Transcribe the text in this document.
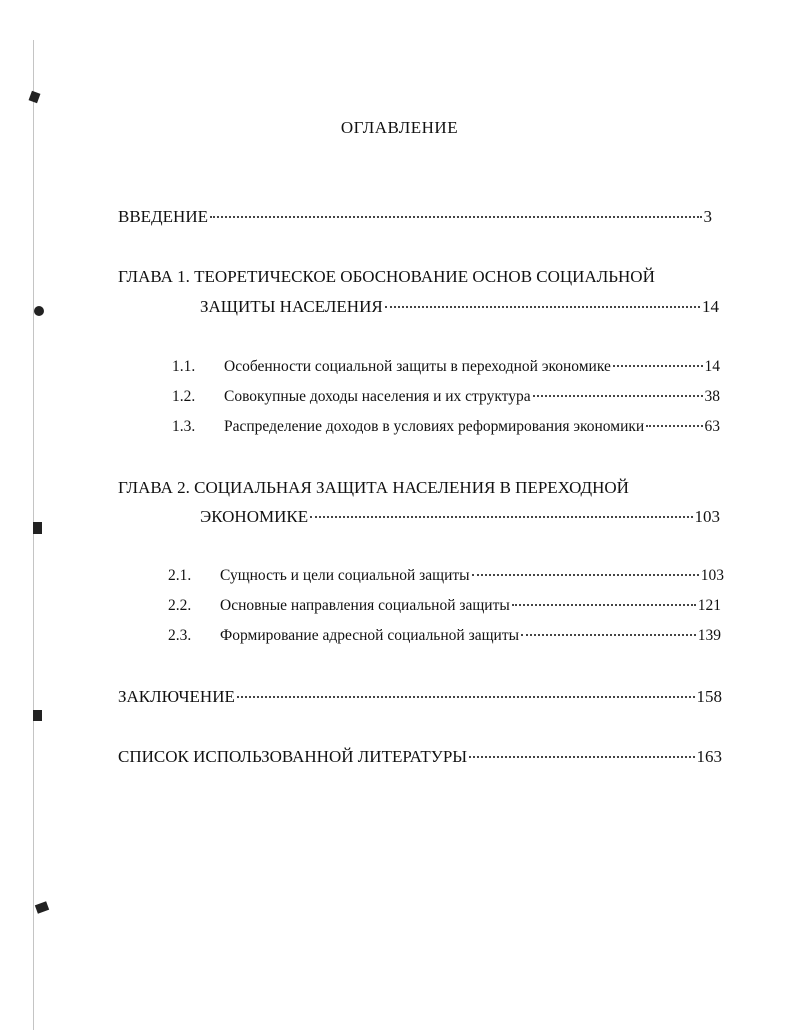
ОГЛАВЛЕНИЕ
ВВЕДЕНИЕ	3
ГЛАВА 1. ТЕОРЕТИЧЕСКОЕ ОБОСНОВАНИЕ ОСНОВ СОЦИАЛЬНОЙ
ЗАЩИТЫ НАСЕЛЕНИЯ	14
1.1.	Особенности социальной защиты в переходной экономике	14
1.2.	Совокупные доходы населения и их структура	38
1.3.	Распределение доходов в условиях реформирования экономики	63
ГЛАВА 2. СОЦИАЛЬНАЯ ЗАЩИТА НАСЕЛЕНИЯ В ПЕРЕХОДНОЙ
ЭКОНОМИКЕ	103
2.1.	Сущность и цели социальной защиты	103
2.2.	Основные направления социальной защиты	121
2.3.	Формирование адресной социальной защиты	139
ЗАКЛЮЧЕНИЕ	158
СПИСОК ИСПОЛЬЗОВАННОЙ ЛИТЕРАТУРЫ	163
